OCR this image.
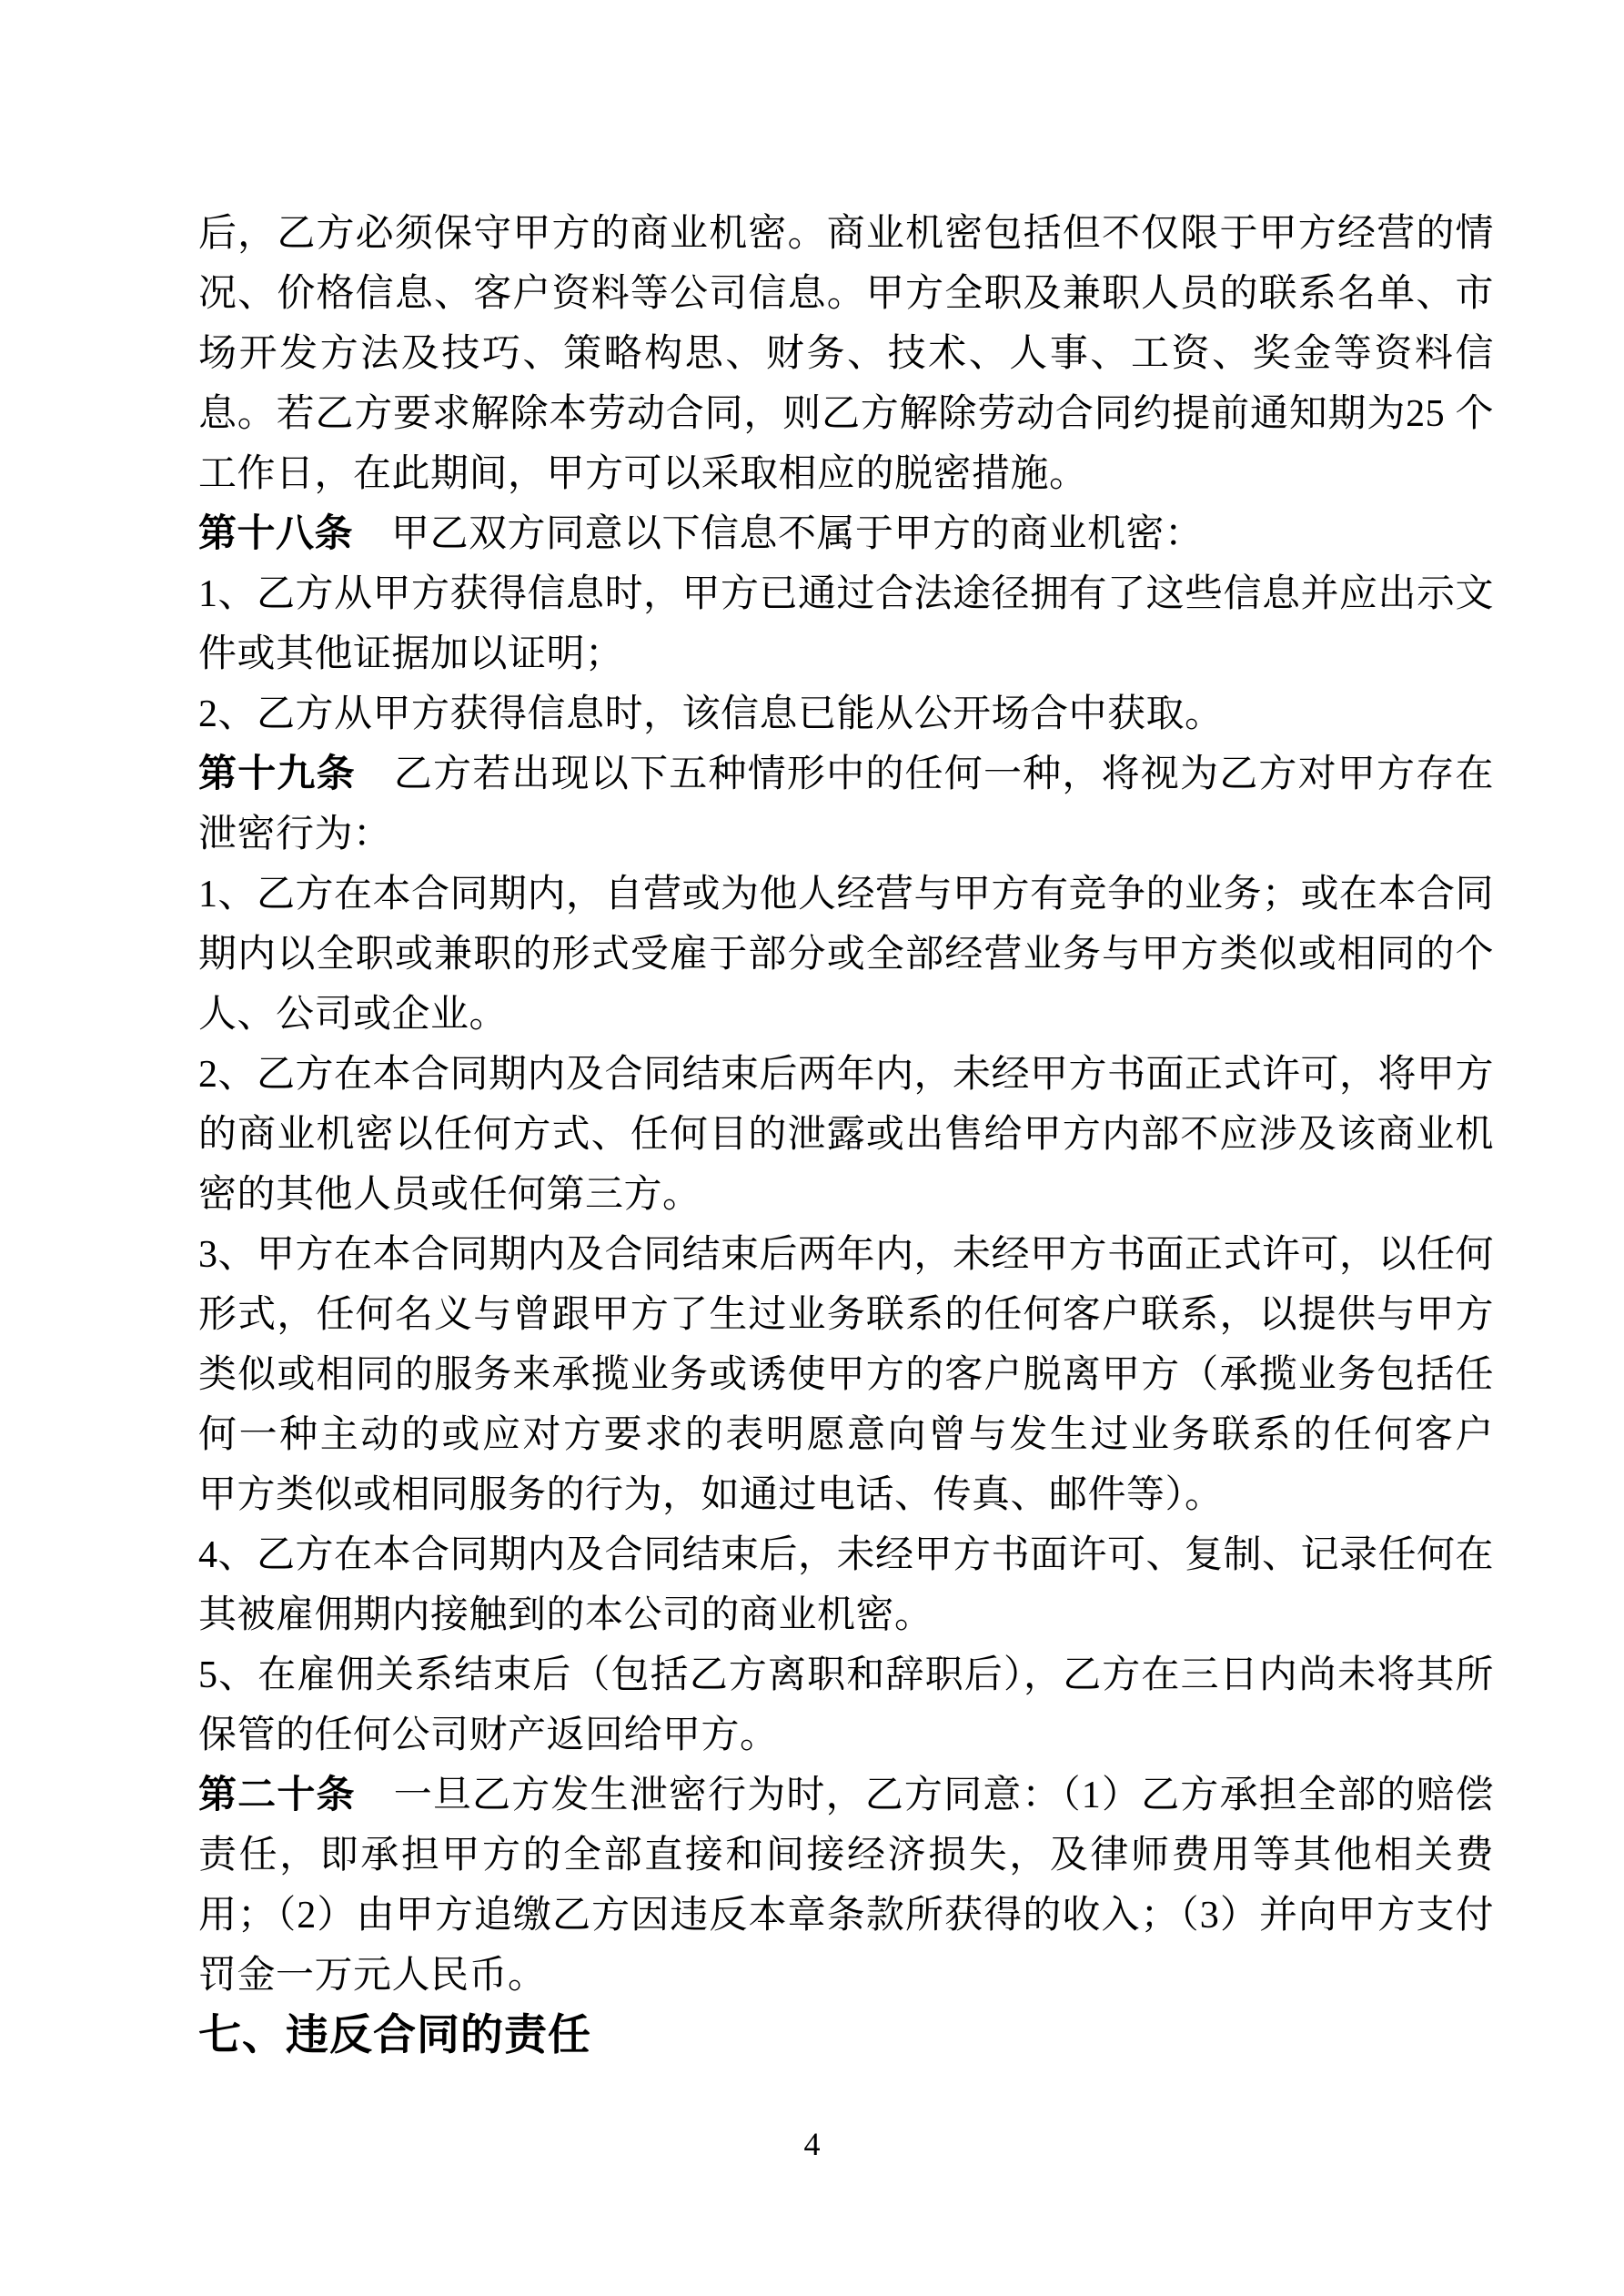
后，乙方必须保守甲方的商业机密。商业机密包括但不仅限于甲方经营的情况、价格信息、客户资料等公司信息。甲方全职及兼职人员的联系名单、市场开发方法及技巧、策略构思、财务、技术、人事、工资、奖金等资料信息。若乙方要求解除本劳动合同，则乙方解除劳动合同约提前通知期为25 个工作日，在此期间，甲方可以采取相应的脱密措施。

第十八条 甲乙双方同意以下信息不属于甲方的商业机密：

1、乙方从甲方获得信息时，甲方已通过合法途径拥有了这些信息并应出示文件或其他证据加以证明；

2、乙方从甲方获得信息时，该信息已能从公开场合中获取。

第十九条 乙方若出现以下五种情形中的任何一种，将视为乙方对甲方存在泄密行为：

1、乙方在本合同期内，自营或为他人经营与甲方有竞争的业务；或在本合同期内以全职或兼职的形式受雇于部分或全部经营业务与甲方类似或相同的个人、公司或企业。

2、乙方在本合同期内及合同结束后两年内，未经甲方书面正式许可，将甲方的商业机密以任何方式、任何目的泄露或出售给甲方内部不应涉及该商业机密的其他人员或任何第三方。

3、甲方在本合同期内及合同结束后两年内，未经甲方书面正式许可，以任何形式，任何名义与曾跟甲方了生过业务联系的任何客户联系，以提供与甲方类似或相同的服务来承揽业务或诱使甲方的客户脱离甲方（承揽业务包括任何一种主动的或应对方要求的表明愿意向曾与发生过业务联系的任何客户　 甲方类似或相同服务的行为，如通过电话、传真、邮件等）。

4、乙方在本合同期内及合同结束后，未经甲方书面许可、复制、记录任何在其被雇佣期内接触到的本公司的商业机密。

5、在雇佣关系结束后（包括乙方离职和辞职后），乙方在三日内尚未将其所保管的任何公司财产返回给甲方。

第二十条 一旦乙方发生泄密行为时，乙方同意：（1）乙方承担全部的赔偿责任，即承担甲方的全部直接和间接经济损失，及律师费用等其他相关费用；（2）由甲方追缴乙方因违反本章条款所获得的收入；（3）并向甲方支付罚金一万元人民币。

七、违反合同的责任
4
